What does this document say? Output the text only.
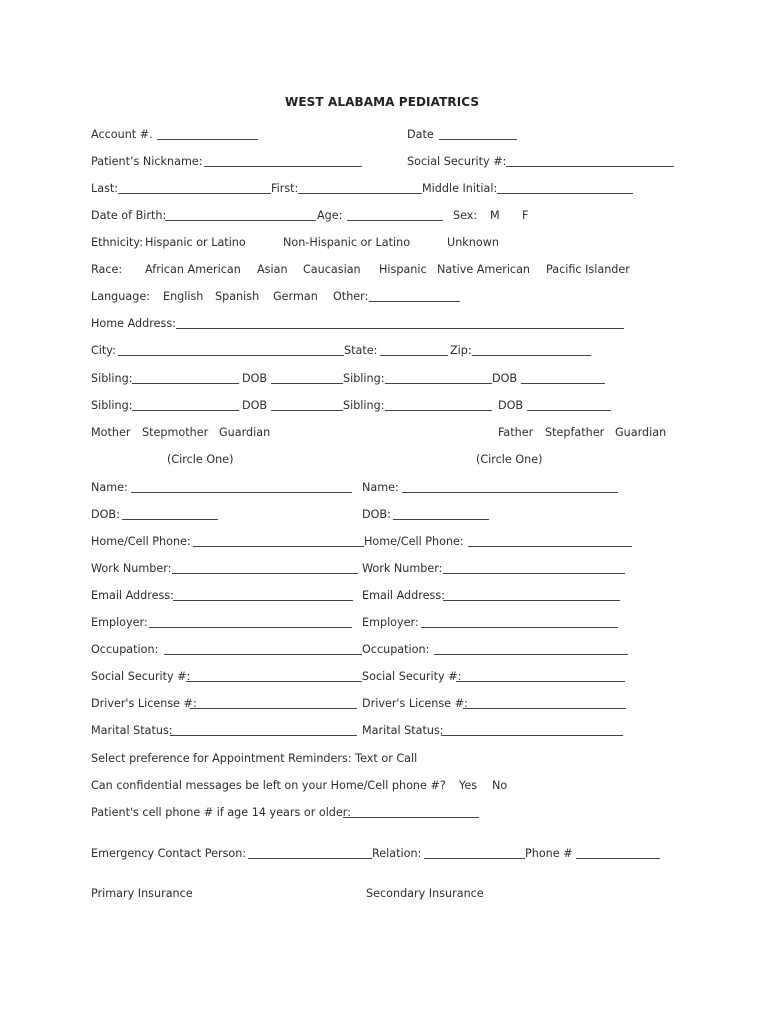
WEST ALABAMA PEDIATRICS
Account #.	Date
Patient’s Nickname:	Social Security #:
Last:	First:	Middle Initial:
Date of Birth:	Age:	Sex: M F
Ethnicity: Hispanic or Latino	Non-Hispanic or Latino	Unknown
Race: African American Asian Caucasian Hispanic Native American Pacific Islander
Language: English Spanish German Other:
Home Address:
City:	State:	Zip:
Sibling:	DOB	Sibling:	DOB
Sibling:	DOB	Sibling:	DOB
Mother Stepmother Guardian	Father Stepfather Guardian
(Circle One)	(Circle One)
Name:	Name:
DOB:	DOB:
Home/Cell Phone:	Home/Cell Phone:
Work Number:	Work Number:
Email Address:	Email Address:
Employer:	Employer:
Occupation:	Occupation:
Social Security #:	Social Security #:
Driver's License #:	Driver's License #:
Marital Status:	Marital Status:
Select preference for Appointment Reminders: Text or Call
Can confidential messages be left on your Home/Cell phone #? Yes No
Patient's cell phone # if age 14 years or older:
Emergency Contact Person:	Relation:	Phone #
Primary Insurance	Secondary Insurance
